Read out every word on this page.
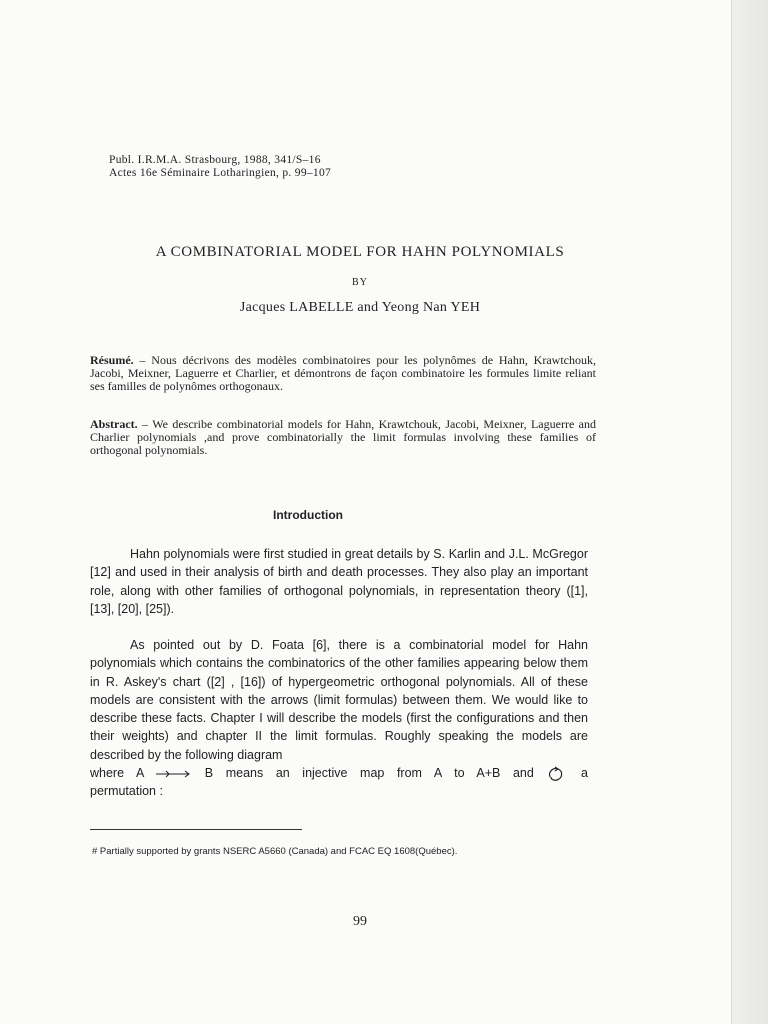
Publ. I.R.M.A. Strasbourg, 1988, 341/S–16
Actes 16e Séminaire Lotharingien, p. 99–107
A COMBINATORIAL MODEL FOR HAHN POLYNOMIALS
BY
Jacques LABELLE and Yeong Nan YEH
Résumé. – Nous décrivons des modèles combinatoires pour les polynômes de Hahn, Krawtchouk, Jacobi, Meixner, Laguerre et Charlier, et démontrons de façon combinatoire les formules limite reliant ses familles de polynômes orthogonaux.
Abstract. – We describe combinatorial models for Hahn, Krawtchouk, Jacobi, Meixner, Laguerre and Charlier polynomials ,and prove combinatorially the limit formulas involving these families of orthogonal polynomials.
Introduction
Hahn polynomials were first studied in great details by S. Karlin and J.L. McGregor [12] and used in their analysis of birth and death processes. They also play an important role, along with other families of orthogonal polynomials, in representation theory ([1], [13], [20], [25]).
As pointed out by D. Foata [6], there is a combinatorial model for Hahn polynomials which contains the combinatorics of the other families appearing below them in R. Askey's chart ([2] , [16]) of hypergeometric orthogonal polynomials. All of these models are consistent with the arrows (limit formulas) between them. We would like to describe these facts. Chapter I will describe the models (first the configurations and then their weights) and chapter II the limit formulas. Roughly speaking the models are described by the following diagram
where A	B means an injective map from A to A+B and	a
permutation :
# Partially supported by grants NSERC A5660 (Canada) and FCAC EQ 1608(Québec).
99
